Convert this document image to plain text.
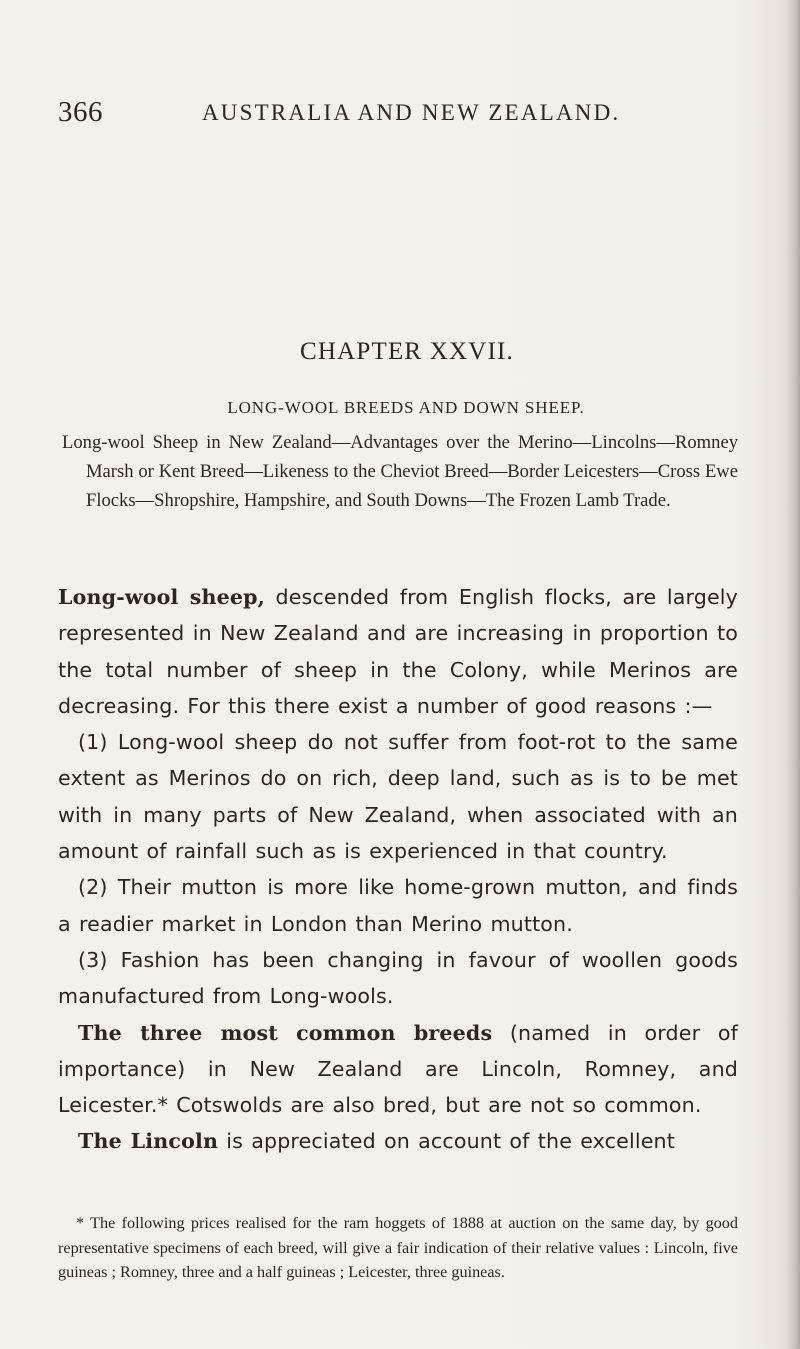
366	AUSTRALIA AND NEW ZEALAND.
CHAPTER XXVII.
LONG-WOOL BREEDS AND DOWN SHEEP.
Long-wool Sheep in New Zealand—Advantages over the Merino—Lincolns—Romney Marsh or Kent Breed—Likeness to the Cheviot Breed—Border Leicesters—Cross Ewe Flocks—Shropshire, Hampshire, and South Downs—The Frozen Lamb Trade.

Long-wool sheep, descended from English flocks, are largely represented in New Zealand and are increasing in proportion to the total number of sheep in the Colony, while Merinos are decreasing. For this there exist a number of good reasons :—

(1) Long-wool sheep do not suffer from foot-rot to the same extent as Merinos do on rich, deep land, such as is to be met with in many parts of New Zealand, when associated with an amount of rainfall such as is experienced in that country.

(2) Their mutton is more like home-grown mutton, and finds a readier market in London than Merino mutton.

(3) Fashion has been changing in favour of woollen goods manufactured from Long-wools.

The three most common breeds (named in order of importance) in New Zealand are Lincoln, Romney, and Leicester.* Cotswolds are also bred, but are not so common.

The Lincoln is appreciated on account of the excellent

* The following prices realised for the ram hoggets of 1888 at auction on the same day, by good representative specimens of each breed, will give a fair indication of their relative values : Lincoln, five guineas ; Romney, three and a half guineas ; Leicester, three guineas.
